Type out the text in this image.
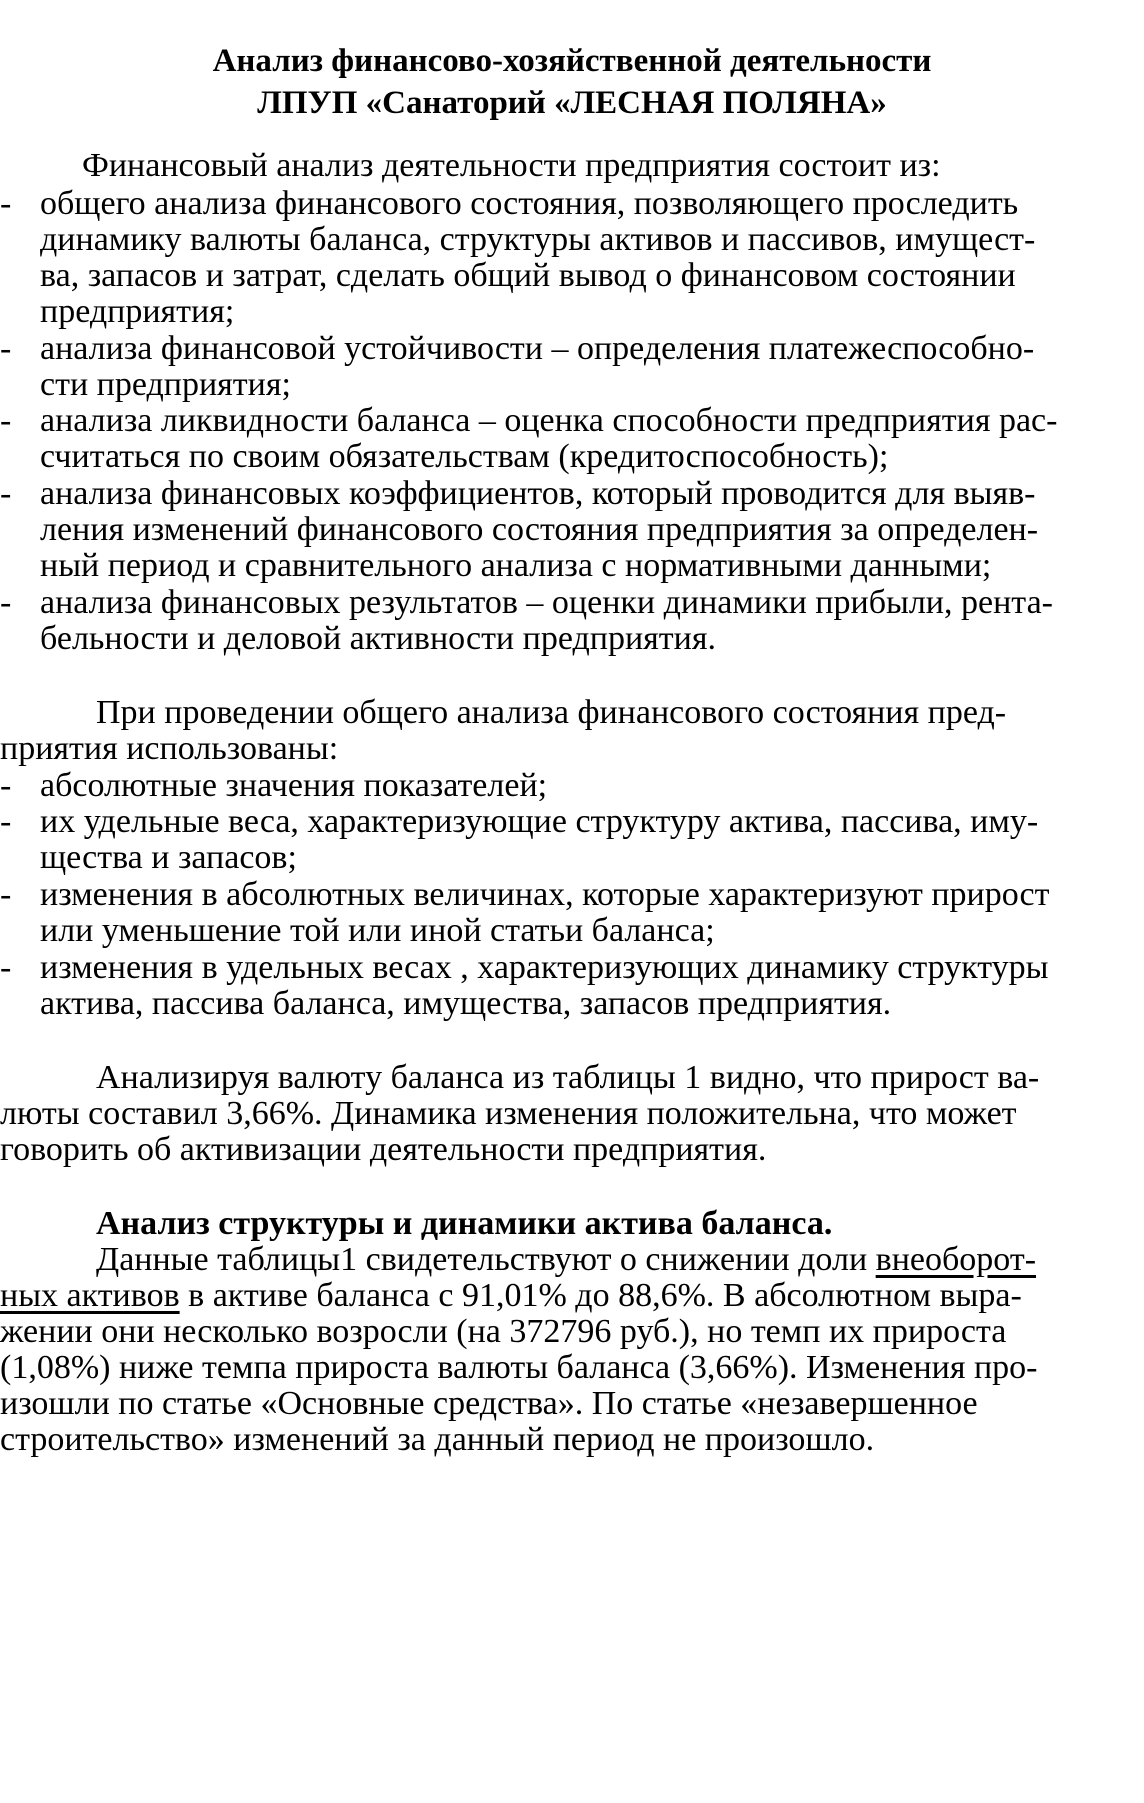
Анализ финансово-хозяйственной деятельности
ЛПУП «Санаторий «ЛЕСНАЯ ПОЛЯНА»
Финансовый анализ деятельности предприятия состоит из:
- общего анализа финансового состояния, позволяющего проследить
динамику валюты баланса, структуры активов и пассивов, имущест-
ва, запасов и затрат, сделать общий вывод о финансовом состоянии
предприятия;
- анализа финансовой устойчивости – определения платежеспособно-
сти предприятия;
- анализа ликвидности баланса – оценка способности предприятия рас-
считаться по своим обязательствам (кредитоспособность);
- анализа финансовых коэффициентов, который проводится для выяв-
ления изменений финансового состояния предприятия за определен-
ный период и сравнительного анализа с нормативными данными;
- анализа финансовых результатов – оценки динамики прибыли, рента-
бельности и деловой активности предприятия.
При проведении общего анализа финансового состояния пред-
приятия использованы:
- абсолютные значения показателей;
- их удельные веса, характеризующие структуру актива, пассива, иму-
щества и запасов;
- изменения в абсолютных величинах, которые характеризуют прирост
или уменьшение той или иной статьи баланса;
- изменения в удельных весах , характеризующих динамику структуры
актива, пассива баланса, имущества, запасов предприятия.
Анализируя валюту баланса из таблицы 1 видно, что прирост ва-
люты составил 3,66%. Динамика изменения положительна, что может
говорить об активизации деятельности предприятия.
Анализ структуры и динамики актива баланса.
Данные таблицы1 свидетельствуют о снижении доли внеоборот-
ных активов в активе баланса с 91,01% до 88,6%. В абсолютном выра-
жении они несколько возросли (на 372796 руб.), но темп их прироста
(1,08%) ниже темпа прироста валюты баланса (3,66%). Изменения про-
изошли по статье «Основные средства». По статье «незавершенное
строительство» изменений за данный период не произошло.
